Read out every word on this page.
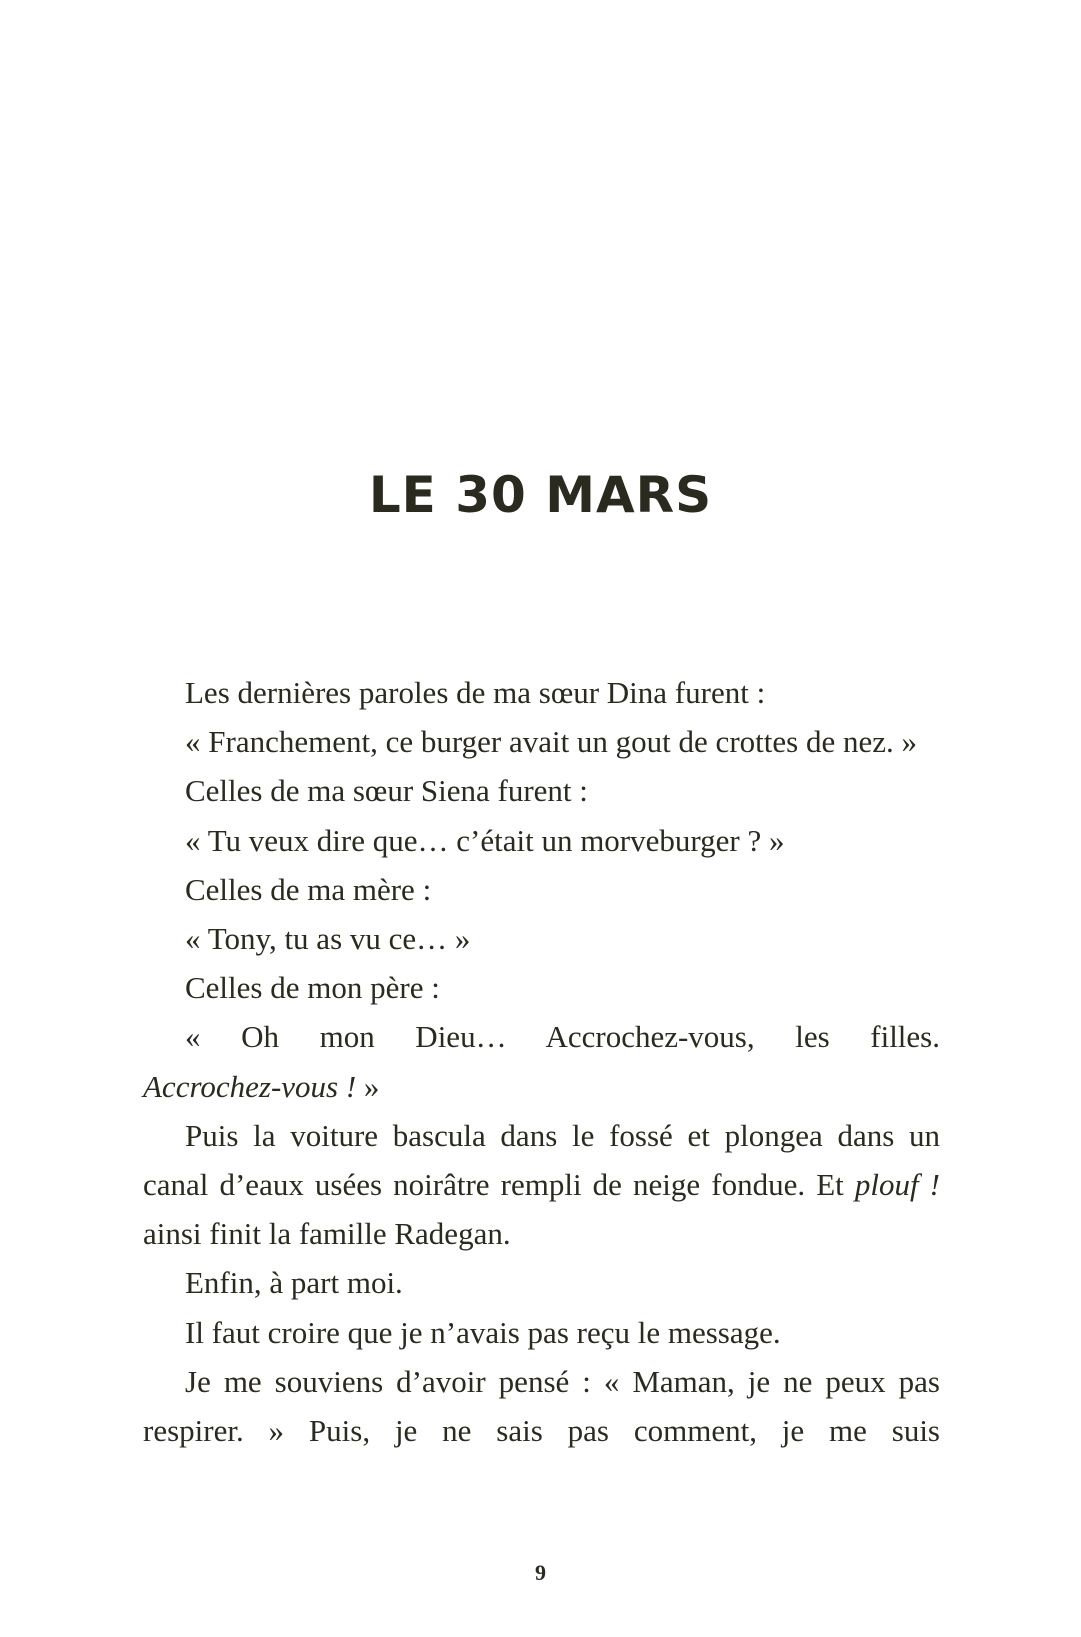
LE 30 MARS

Les dernières paroles de ma sœur Dina furent :

« Franchement, ce burger avait un gout de crottes de nez. »

Celles de ma sœur Siena furent :

« Tu veux dire que… c’était un morveburger ? »

Celles de ma mère :

« Tony, tu as vu ce… »

Celles de mon père :

« Oh mon Dieu… Accrochez-vous, les filles.
Accrochez-vous ! »

Puis la voiture bascula dans le fossé et plongea dans un canal d’eaux usées noirâtre rempli de neige fondue. Et plouf ! ainsi finit la famille Radegan.

Enfin, à part moi.

Il faut croire que je n’avais pas reçu le message.

Je me souviens d’avoir pensé : « Maman, je ne peux pas respirer. » Puis, je ne sais pas comment, je me suis

9
